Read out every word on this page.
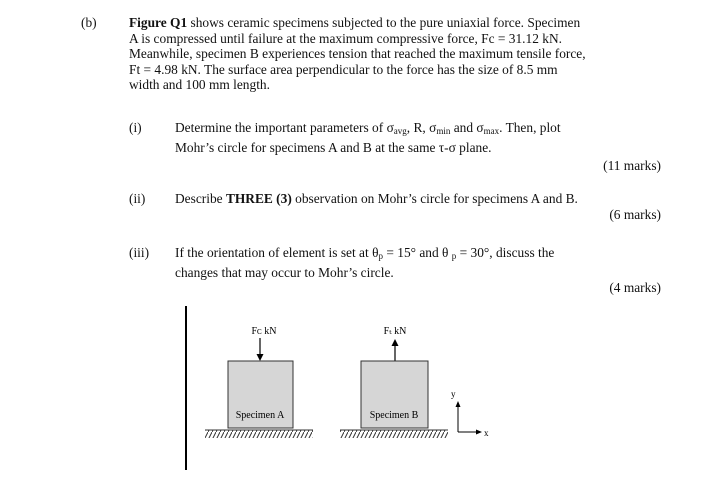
(b) Figure Q1 shows ceramic specimens subjected to the pure uniaxial force. Specimen
A is compressed until failure at the maximum compressive force, Fc = 31.12 kN.
Meanwhile, specimen B experiences tension that reached the maximum tensile force,
Ft = 4.98 kN. The surface area perpendicular to the force has the size of 8.5 mm
width and 100 mm length.
(i) Determine the important parameters of $\sigma_{avg}$, R, $\sigma_{min}$ and $\sigma_{max}$. Then, plot
Mohr’s circle for specimens A and B at the same τ-σ plane.
(11 marks)
(ii) Describe THREE (3) observation on Mohr’s circle for specimens A and B.
(6 marks)
(iii) If the orientation of element is set at $\theta_p = 15^\circ$ and θ $_p$ = 30°, discuss the
changes that may occur to Mohr’s circle.
(4 marks)
Fᴄ kN
Specimen A
Fₜ kN
Specimen B
y
x
